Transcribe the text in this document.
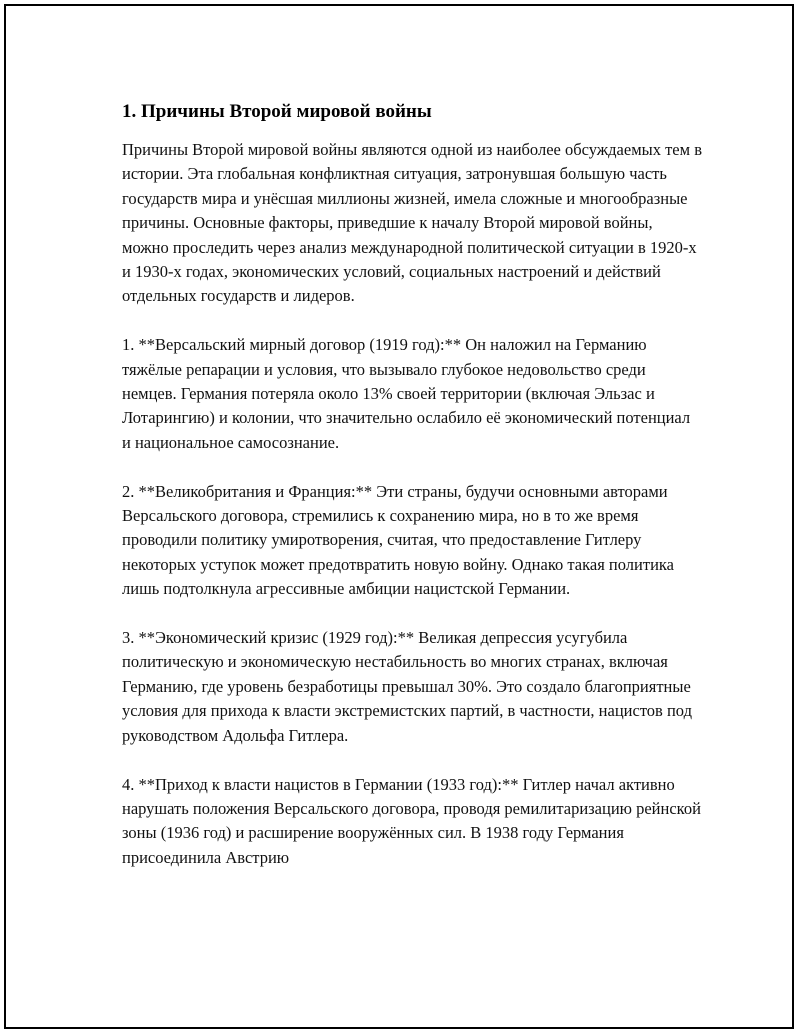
1. Причины Второй мировой войны

Причины Второй мировой войны являются одной из наиболее обсуждаемых тем в истории. Эта глобальная конфликтная ситуация, затронувшая большую часть государств мира и унёсшая миллионы жизней, имела сложные и многообразные причины. Основные факторы, приведшие к началу Второй мировой войны, можно проследить через анализ международной политической ситуации в 1920-х и 1930-х годах, экономических условий, социальных настроений и действий отдельных государств и лидеров.

1. **Версальский мирный договор (1919 год):** Он наложил на Германию тяжёлые репарации и условия, что вызывало глубокое недовольство среди немцев. Германия потеряла около 13% своей территории (включая Эльзас и Лотарингию) и колонии, что значительно ослабило её экономический потенциал и национальное самосознание.

2. **Великобритания и Франция:** Эти страны, будучи основными авторами Версальского договора, стремились к сохранению мира, но в то же время проводили политику умиротворения, считая, что предоставление Гитлеру некоторых уступок может предотвратить новую войну. Однако такая политика лишь подтолкнула агрессивные амбиции нацистской Германии.

3. **Экономический кризис (1929 год):** Великая депрессия усугубила политическую и экономическую нестабильность во многих странах, включая Германию, где уровень безработицы превышал 30%. Это создало благоприятные условия для прихода к власти экстремистских партий, в частности, нацистов под руководством Адольфа Гитлера.

4. **Приход к власти нацистов в Германии (1933 год):** Гитлер начал активно нарушать положения Версальского договора, проводя ремилитаризацию рейнской зоны (1936 год) и расширение вооружённых сил. В 1938 году Германия присоединила Австрию
